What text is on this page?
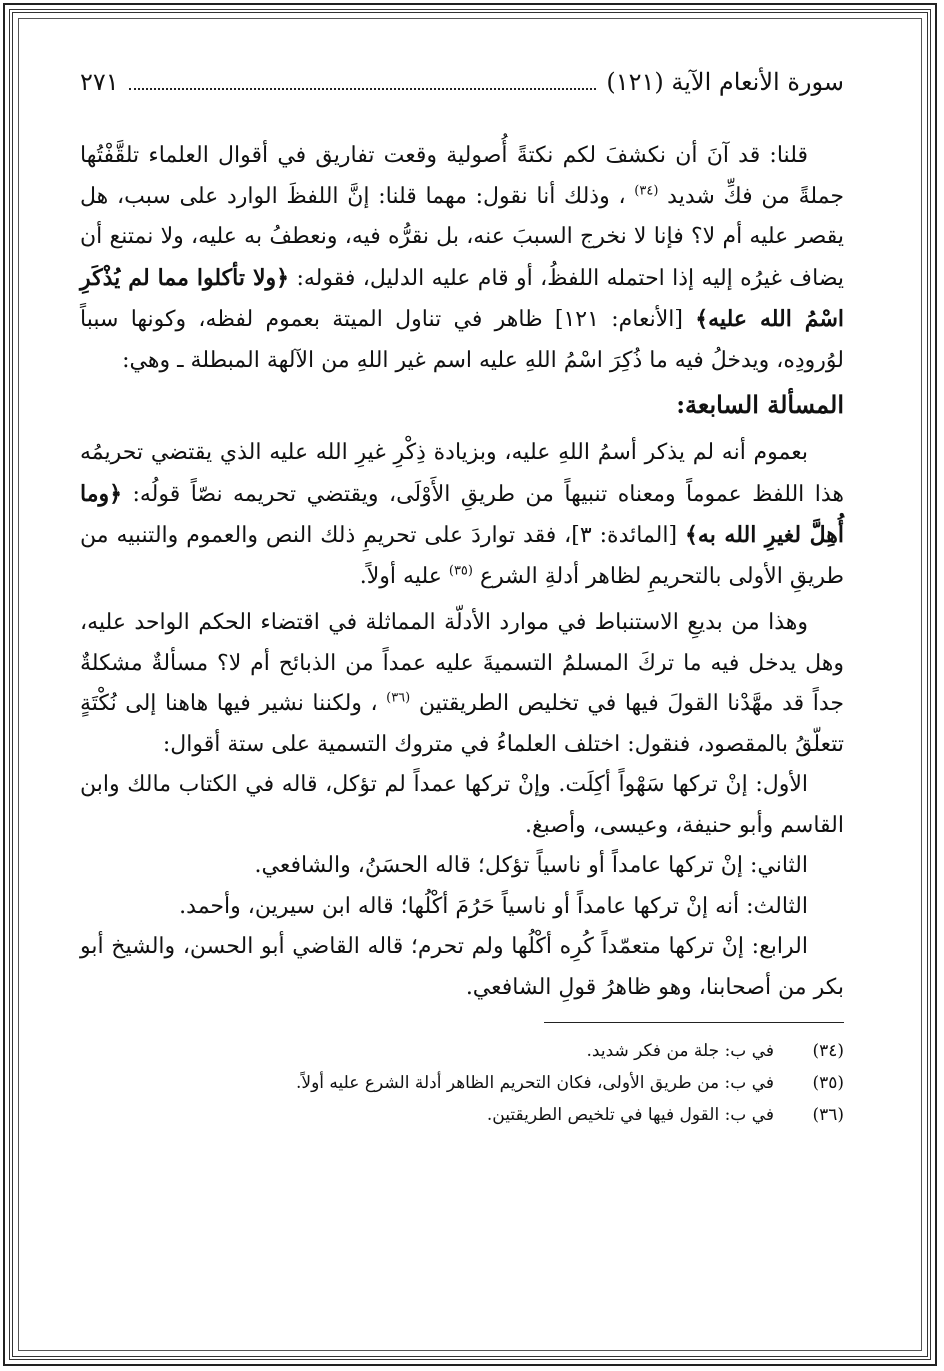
سورة الأنعام الآية (١٢١)
٢٧١

قلنا: قد آنَ أن نكشفَ لكم نكتةً أُصولية وقعت تفاريق في أقوال العلماء تلقَّفْتُها جملةً من فكِّ شديد $^{(٣٤)}$ ، وذلك أنا نقول: مهما قلنا: إنَّ اللفظَ الوارد على سبب، هل يقصر عليه أم لا؟ فإنا لا نخرج السببَ عنه، بل نقرُّه فيه، ونعطفُ به عليه، ولا نمتنع أن يضاف غيرُه إليه إذا احتمله اللفظُ، أو قام عليه الدليل، فقوله: ﴿ولا تأكلوا مما لم يُذْكَرِ اسْمُ الله عليه﴾ [الأنعام: ١٢١] ظاهر في تناول الميتة بعموم لفظه، وكونها سبباً لوُرودِه، ويدخلُ فيه ما ذُكِرَ اسْمُ اللهِ عليه اسم غير اللهِ من الآلهة المبطلة ـ وهي:

المسألة السابعة:

بعموم أنه لم يذكر أسمُ اللهِ عليه، وبزيادة ذِكْرِ غيرِ الله عليه الذي يقتضي تحريمُه هذا اللفظ عموماً ومعناه تنبيهاً من طريقِ الأَوْلَى، ويقتضي تحريمه نصّاً قولُه: ﴿وما أُهِلَّ لغيرِ الله به﴾ [المائدة: ٣]، فقد تواردَ على تحريمِ ذلك النص والعموم والتنبيه من طريقِ الأولى بالتحريمِ لظاهر أدلةِ الشرع $^{(٣٥)}$ عليه أولاً.

وهذا من بديعِ الاستنباط في موارد الأدلّة المماثلة في اقتضاء الحكم الواحد عليه، وهل يدخل فيه ما تركَ المسلمُ التسميةَ عليه عمداً من الذبائح أم لا؟ مسألةٌ مشكلةٌ جداً قد مهَّدْنا القولَ فيها في تخليص الطريقتين $^{(٣٦)}$ ، ولكننا نشير فيها هاهنا إلى نُكْتَةٍ تتعلّقُ بالمقصود، فنقول: اختلف العلماءُ في متروك التسمية على ستة أقوال:

الأول: إنْ تركها سَهْواً أكِلَت. وإنْ تركها عمداً لم تؤكل، قاله في الكتاب مالك وابن القاسم وأبو حنيفة، وعيسى، وأصبغ.

الثاني: إنْ تركها عامداً أو ناسياً تؤكل؛ قاله الحسَنُ، والشافعي.

الثالث: أنه إنْ تركها عامداً أو ناسياً حَرُمَ أكْلُها؛ قاله ابن سيرين، وأحمد.

الرابع: إنْ تركها متعمّداً كُرِه أكْلُها ولم تحرم؛ قاله القاضي أبو الحسن، والشيخ أبو بكر من أصحابنا، وهو ظاهرُ قولِ الشافعي.

(٣٤)
في ب: جلة من فكر شديد.
(٣٥)
في ب: من طريق الأولى، فكان التحريم الظاهر أدلة الشرع عليه أولاً.
(٣٦)
في ب: القول فيها في تلخيص الطريقتين.
